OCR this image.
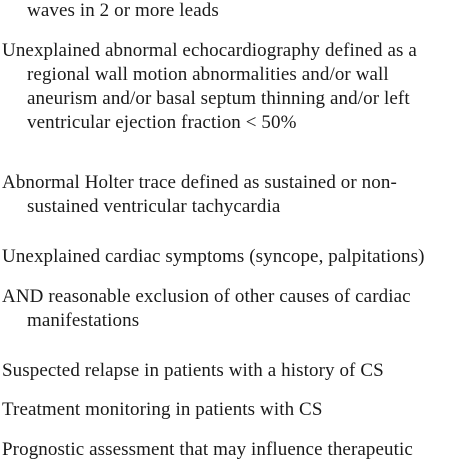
waves in 2 or more leads
Unexplained abnormal echocardiography defined as a
regional wall motion abnormalities and/or wall
aneurism and/or basal septum thinning and/or left
ventricular ejection fraction < 50%
Abnormal Holter trace defined as sustained or non-
sustained ventricular tachycardia
Unexplained cardiac symptoms (syncope, palpitations)
AND reasonable exclusion of other causes of cardiac
manifestations
Suspected relapse in patients with a history of CS
Treatment monitoring in patients with CS
Prognostic assessment that may influence therapeutic
